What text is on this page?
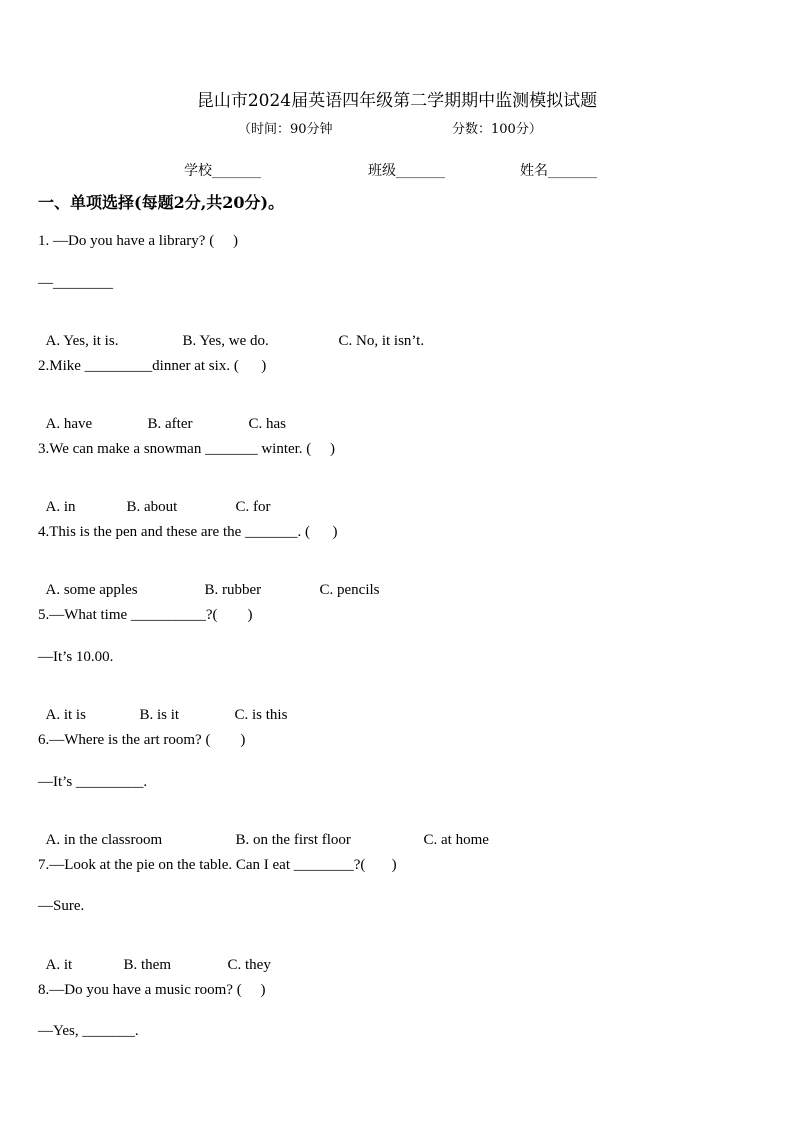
昆山市2024届英语四年级第二学期期中监测模拟试题
（时间：90分钟	分数：100分）
学校_______	班级_______	姓名_______
一、单项选择(每题2分,共20分)。
1. —Do you have a library? (     )
—________

A. Yes, it is.	B. Yes, we do.	C. No, it isn’t.

2.Mike _________dinner at six. (      )

A. have	B. after	C. has

3.We can make a snowman _______ winter. (     )

A. in	B. about	C. for

4.This is the pen and these are the _______. (      )

A. some apples	B. rubber	C. pencils

5.—What time __________?(        )
—It’s 10.00.

A. it is	B. is it	C. is this

6.—Where is the art room? (        )
—It’s _________.

A. in the classroom	B. on the first floor	C. at home

7.—Look at the pie on the table. Can I eat ________?(       )
—Sure.

A. it	B. them	C. they

8.—Do you have a music room? (     )
—Yes, _______.
